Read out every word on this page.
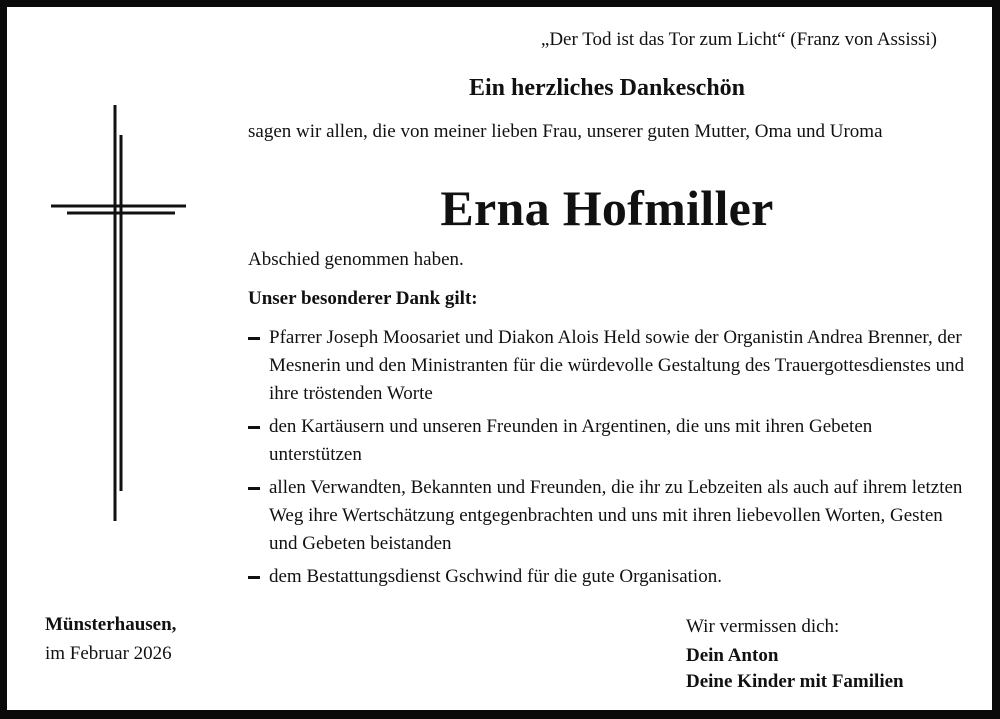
„Der Tod ist das Tor zum Licht“ (Franz von Assissi)
Ein herzliches Dankeschön
sagen wir allen, die von meiner lieben Frau, unserer guten Mutter, Oma und Uroma
Erna Hofmiller
Abschied genommen haben.
Unser besonderer Dank gilt:
Pfarrer Joseph Moosariet und Diakon Alois Held sowie der Organistin Andrea Brenner, der Mesnerin und den Ministranten für die würdevolle Gestaltung des Trauergottesdienstes und ihre tröstenden Worte
den Kartäusern und unseren Freunden in Argentinen, die uns mit ihren Gebeten unterstützen
allen Verwandten, Bekannten und Freunden, die ihr zu Lebzeiten als auch auf ihrem letzten Weg ihre Wertschätzung entgegenbrachten und uns mit ihren liebevollen Worten, Gesten und Gebeten beistanden
dem Bestattungsdienst Gschwind für die gute Organisation.
Münsterhausen,
im Februar 2026
Wir vermissen dich:
Dein Anton
Deine Kinder mit Familien
